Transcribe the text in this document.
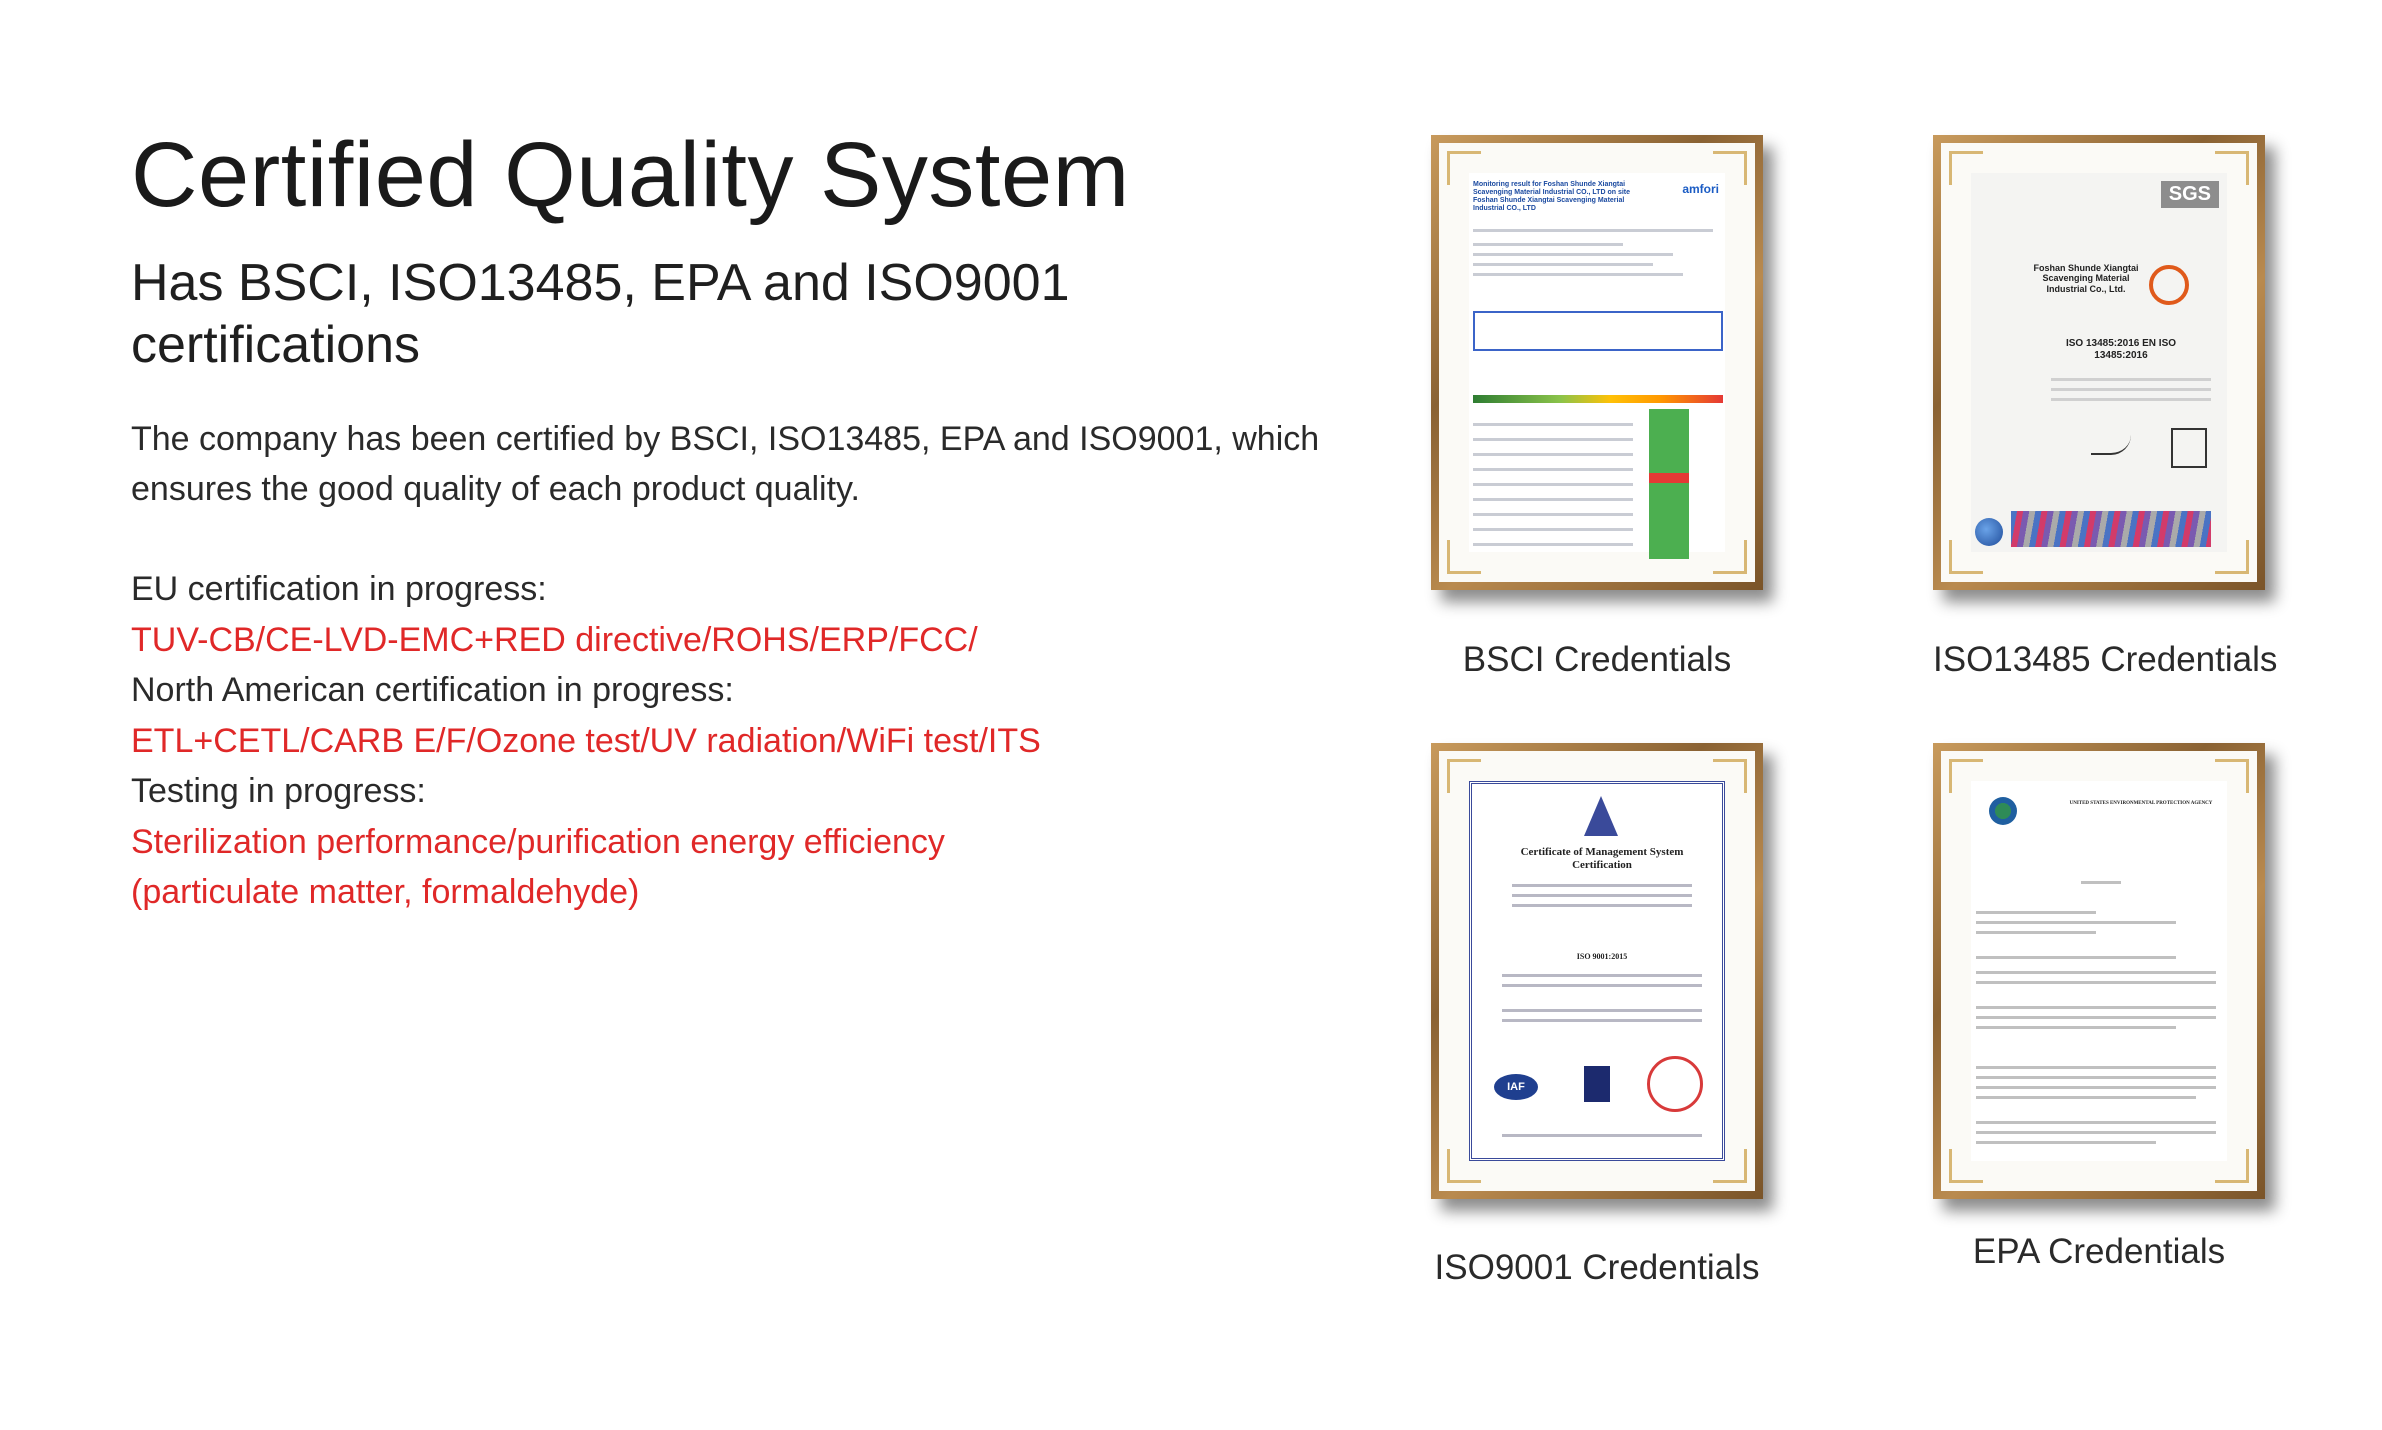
Certified Quality System
Has BSCI, ISO13485, EPA and ISO9001 certifications
The company has been certified by BSCI, ISO13485, EPA and ISO9001, which
ensures the good quality of each product quality.
EU certification in progress:
TUV-CB/CE-LVD-EMC+RED directive/ROHS/ERP/FCC/
North American certification in progress:
ETL+CETL/CARB E/F/Ozone test/UV radiation/WiFi test/ITS
Testing in progress:
Sterilization performance/purification energy efficiency
(particulate matter, formaldehyde)
Monitoring result for Foshan Shunde Xiangtai Scavenging Material Industrial CO., LTD on site Foshan Shunde Xiangtai Scavenging Material Industrial CO., LTD
amfori
BSCI Credentials
SGS
Foshan Shunde Xiangtai Scavenging Material Industrial Co., Ltd.
ISO 13485:2016 EN ISO 13485:2016
ISO13485 Credentials
Certificate of Management System Certification
ISO 9001:2015
IAF
ISO9001 Credentials
UNITED STATES ENVIRONMENTAL PROTECTION AGENCY
EPA Credentials
